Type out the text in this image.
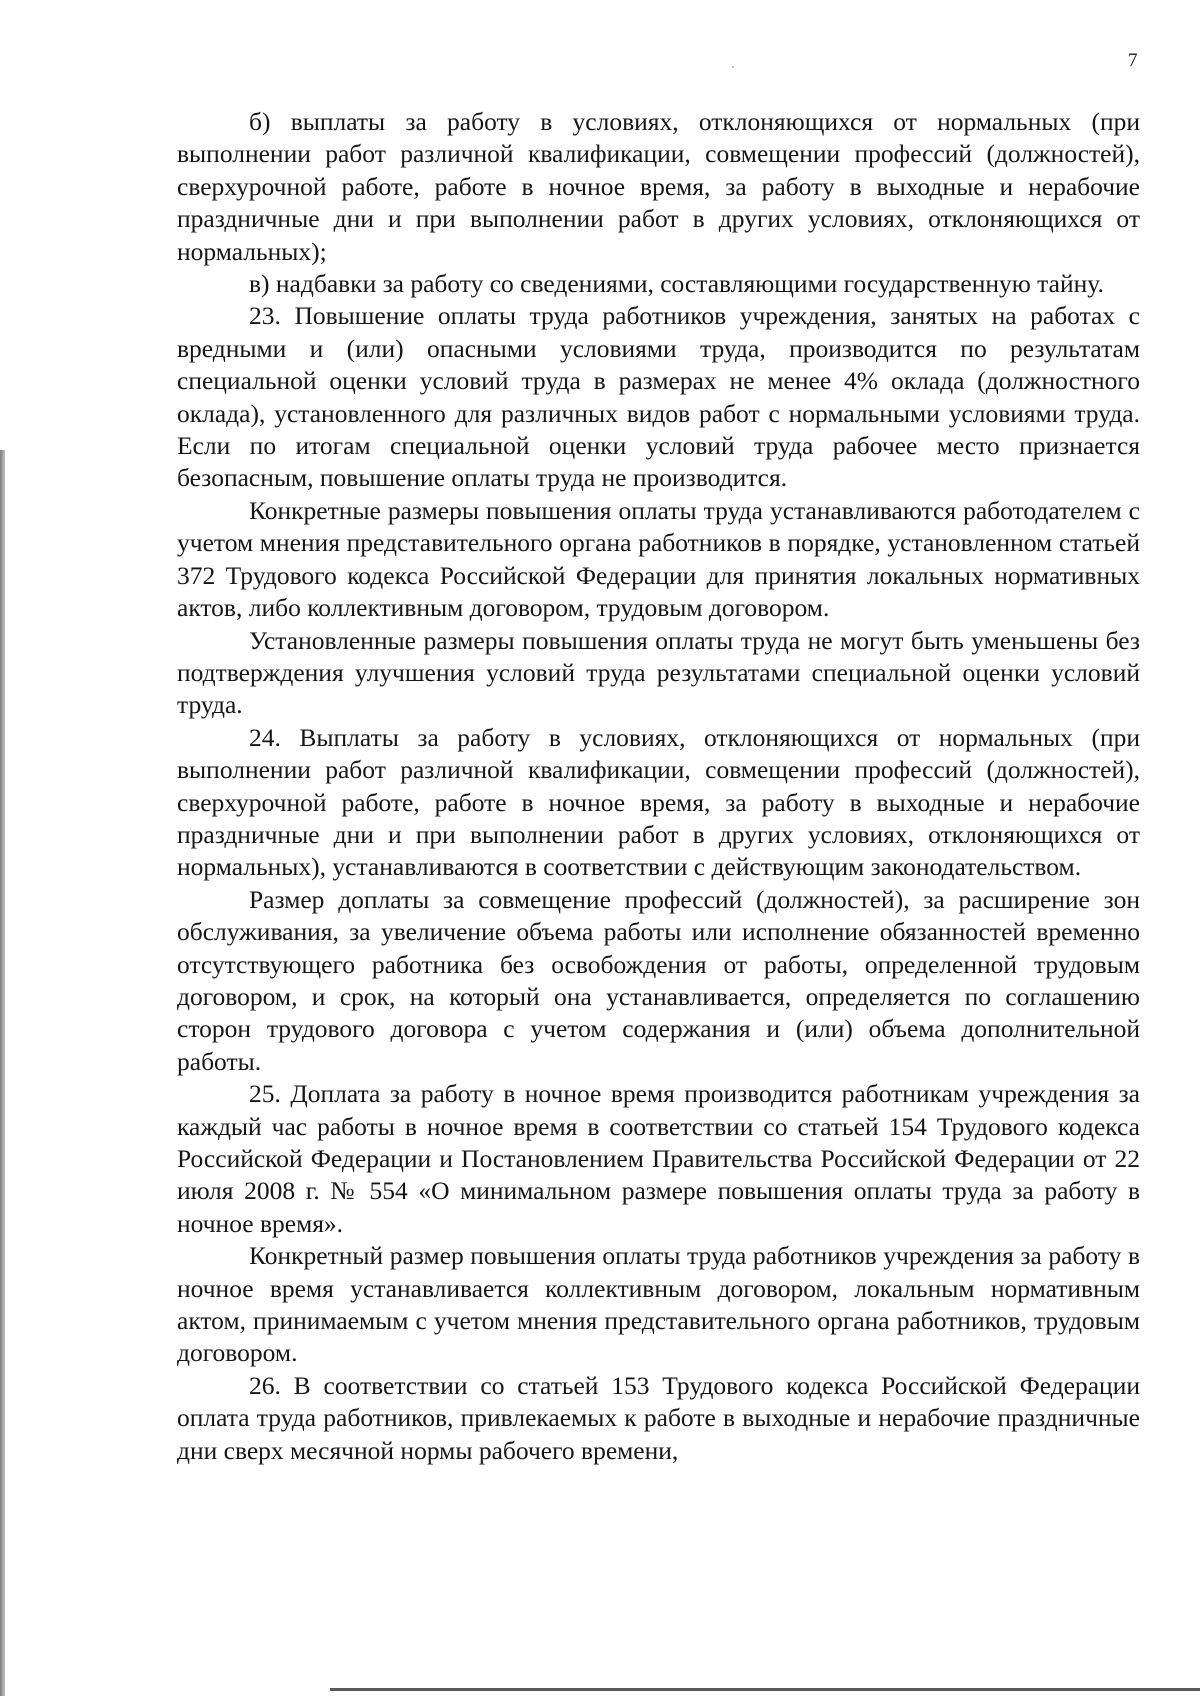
7

б) выплаты за работу в условиях, отклоняющихся от нормальных (при выполнении работ различной квалификации, совмещении профессий (должностей), сверхурочной работе, работе в ночное время, за работу в выходные и нерабочие праздничные дни и при выполнении работ в других условиях, отклоняющихся от нормальных);

в) надбавки за работу со сведениями, составляющими государственную тайну.

23. Повышение оплаты труда работников учреждения, занятых на работах с вредными и (или) опасными условиями труда, производится по результатам специальной оценки условий труда в размерах не менее 4% оклада (должностного оклада), установленного для различных видов работ с нормальными условиями труда. Если по итогам специальной оценки условий труда рабочее место признается безопасным, повышение оплаты труда не производится.

Конкретные размеры повышения оплаты труда устанавливаются работодателем с учетом мнения представительного органа работников в порядке, установленном статьей 372 Трудового кодекса Российской Федерации для принятия локальных нормативных актов, либо коллективным договором, трудовым договором.

Установленные размеры повышения оплаты труда не могут быть уменьшены без подтверждения улучшения условий труда результатами специальной оценки условий труда.

24. Выплаты за работу в условиях, отклоняющихся от нормальных (при выполнении работ различной квалификации, совмещении профессий (должностей), сверхурочной работе, работе в ночное время, за работу в выходные и нерабочие праздничные дни и при выполнении работ в других условиях, отклоняющихся от нормальных), устанавливаются в соответствии с действующим законодательством.

Размер доплаты за совмещение профессий (должностей), за расширение зон обслуживания, за увеличение объема работы или исполнение обязанностей временно отсутствующего работника без освобождения от работы, определенной трудовым договором, и срок, на который она устанавливается, определяется по соглашению сторон трудового договора с учетом содержания и (или) объема дополнительной работы.

25. Доплата за работу в ночное время производится работникам учреждения за каждый час работы в ночное время в соответствии со статьей 154 Трудового кодекса Российской Федерации и Постановлением Правительства Российской Федерации от 22 июля 2008 г. № 554 «О минимальном размере повышения оплаты труда за работу в ночное время».

Конкретный размер повышения оплаты труда работников учреждения за работу в ночное время устанавливается коллективным договором, локальным нормативным актом, принимаемым с учетом мнения представительного органа работников, трудовым договором.

26. В соответствии со статьей 153 Трудового кодекса Российской Федерации оплата труда работников, привлекаемых к работе в выходные и нерабочие праздничные дни сверх месячной нормы рабочего времени,
